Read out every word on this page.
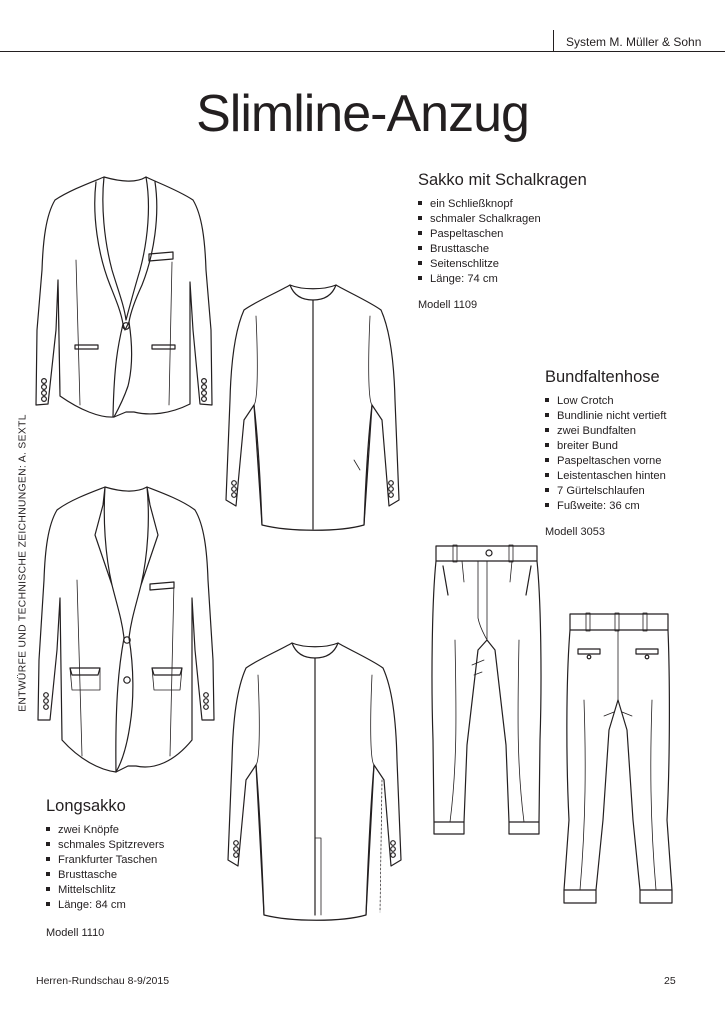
System M. Müller & Sohn
Slimline-Anzug
ENTWÜRFE UND TECHNISCHE ZEICHNUNGEN: A. SEXTL
Sakko mit Schalkragen
ein Schließknopf
schmaler Schalkragen
Paspeltaschen
Brusttasche
Seitenschlitze
Länge: 74 cm
Modell 1109
Bundfaltenhose
Low Crotch
Bundlinie nicht vertieft
zwei Bundfalten
breiter Bund
Paspeltaschen vorne
Leistentaschen hinten
7 Gürtelschlaufen
Fußweite: 36 cm
Modell 3053
Longsakko
zwei Knöpfe
schmales Spitzrevers
Frankfurter Taschen
Brusttasche
Mittelschlitz
Länge: 84 cm
Modell 1110
Herren-Rundschau 8-9/2015	25
